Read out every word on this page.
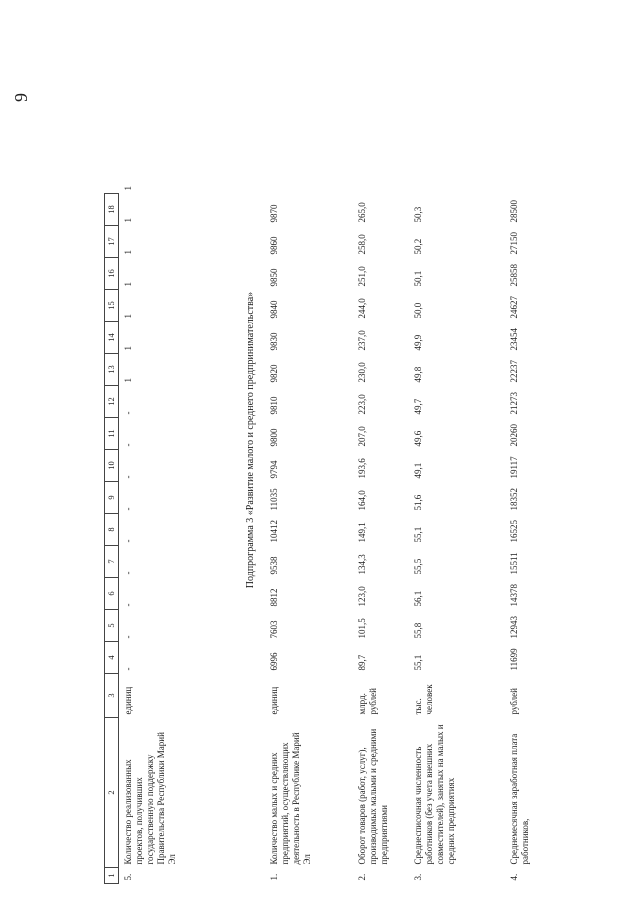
9
1	2	3	4	5	6	7	8	9	10	11	12	13	14	15	16	17	18	
5.	Количество реализованных проектов, получивших государственную поддержку Правительства Республики Марий Эл	единиц	-	-	-	-	-	-	-	-	-	1	1	1	1	1	1	1
Подпрограмма 3 «Развитие малого и среднего предпринимательства»																		
1.	Количество малых и средних предприятий, осуществляющих деятельность в Республике Марий Эл	единиц	6996	7603	8812	9538	10412	11035	9794	9800	9810	9820	9830	9840	9850	9860	9870	
2.	Оборот товаров (работ, услуг), производимых малыми и средними предприятиями	млрд. рублей	89,7	101,5	123,0	134,3	149,1	164,0	193,6	207,0	223,0	230,0	237,0	244,0	251,0	258,0	265,0	
3.	Среднесписочная численность работников (без учета внешних совместителей), занятых на малых и средних предприятиях	тыс. человек	55,1	55,8	56,1	55,5	55,1	51,6	49,1	49,6	49,7	49,8	49,9	50,0	50,1	50,2	50,3	
4.	Среднемесячная заработная плата работников,	рублей	11699	12943	14378	15511	16525	18352	19117	20260	21273	22237	23454	24627	25858	27150	28500	
